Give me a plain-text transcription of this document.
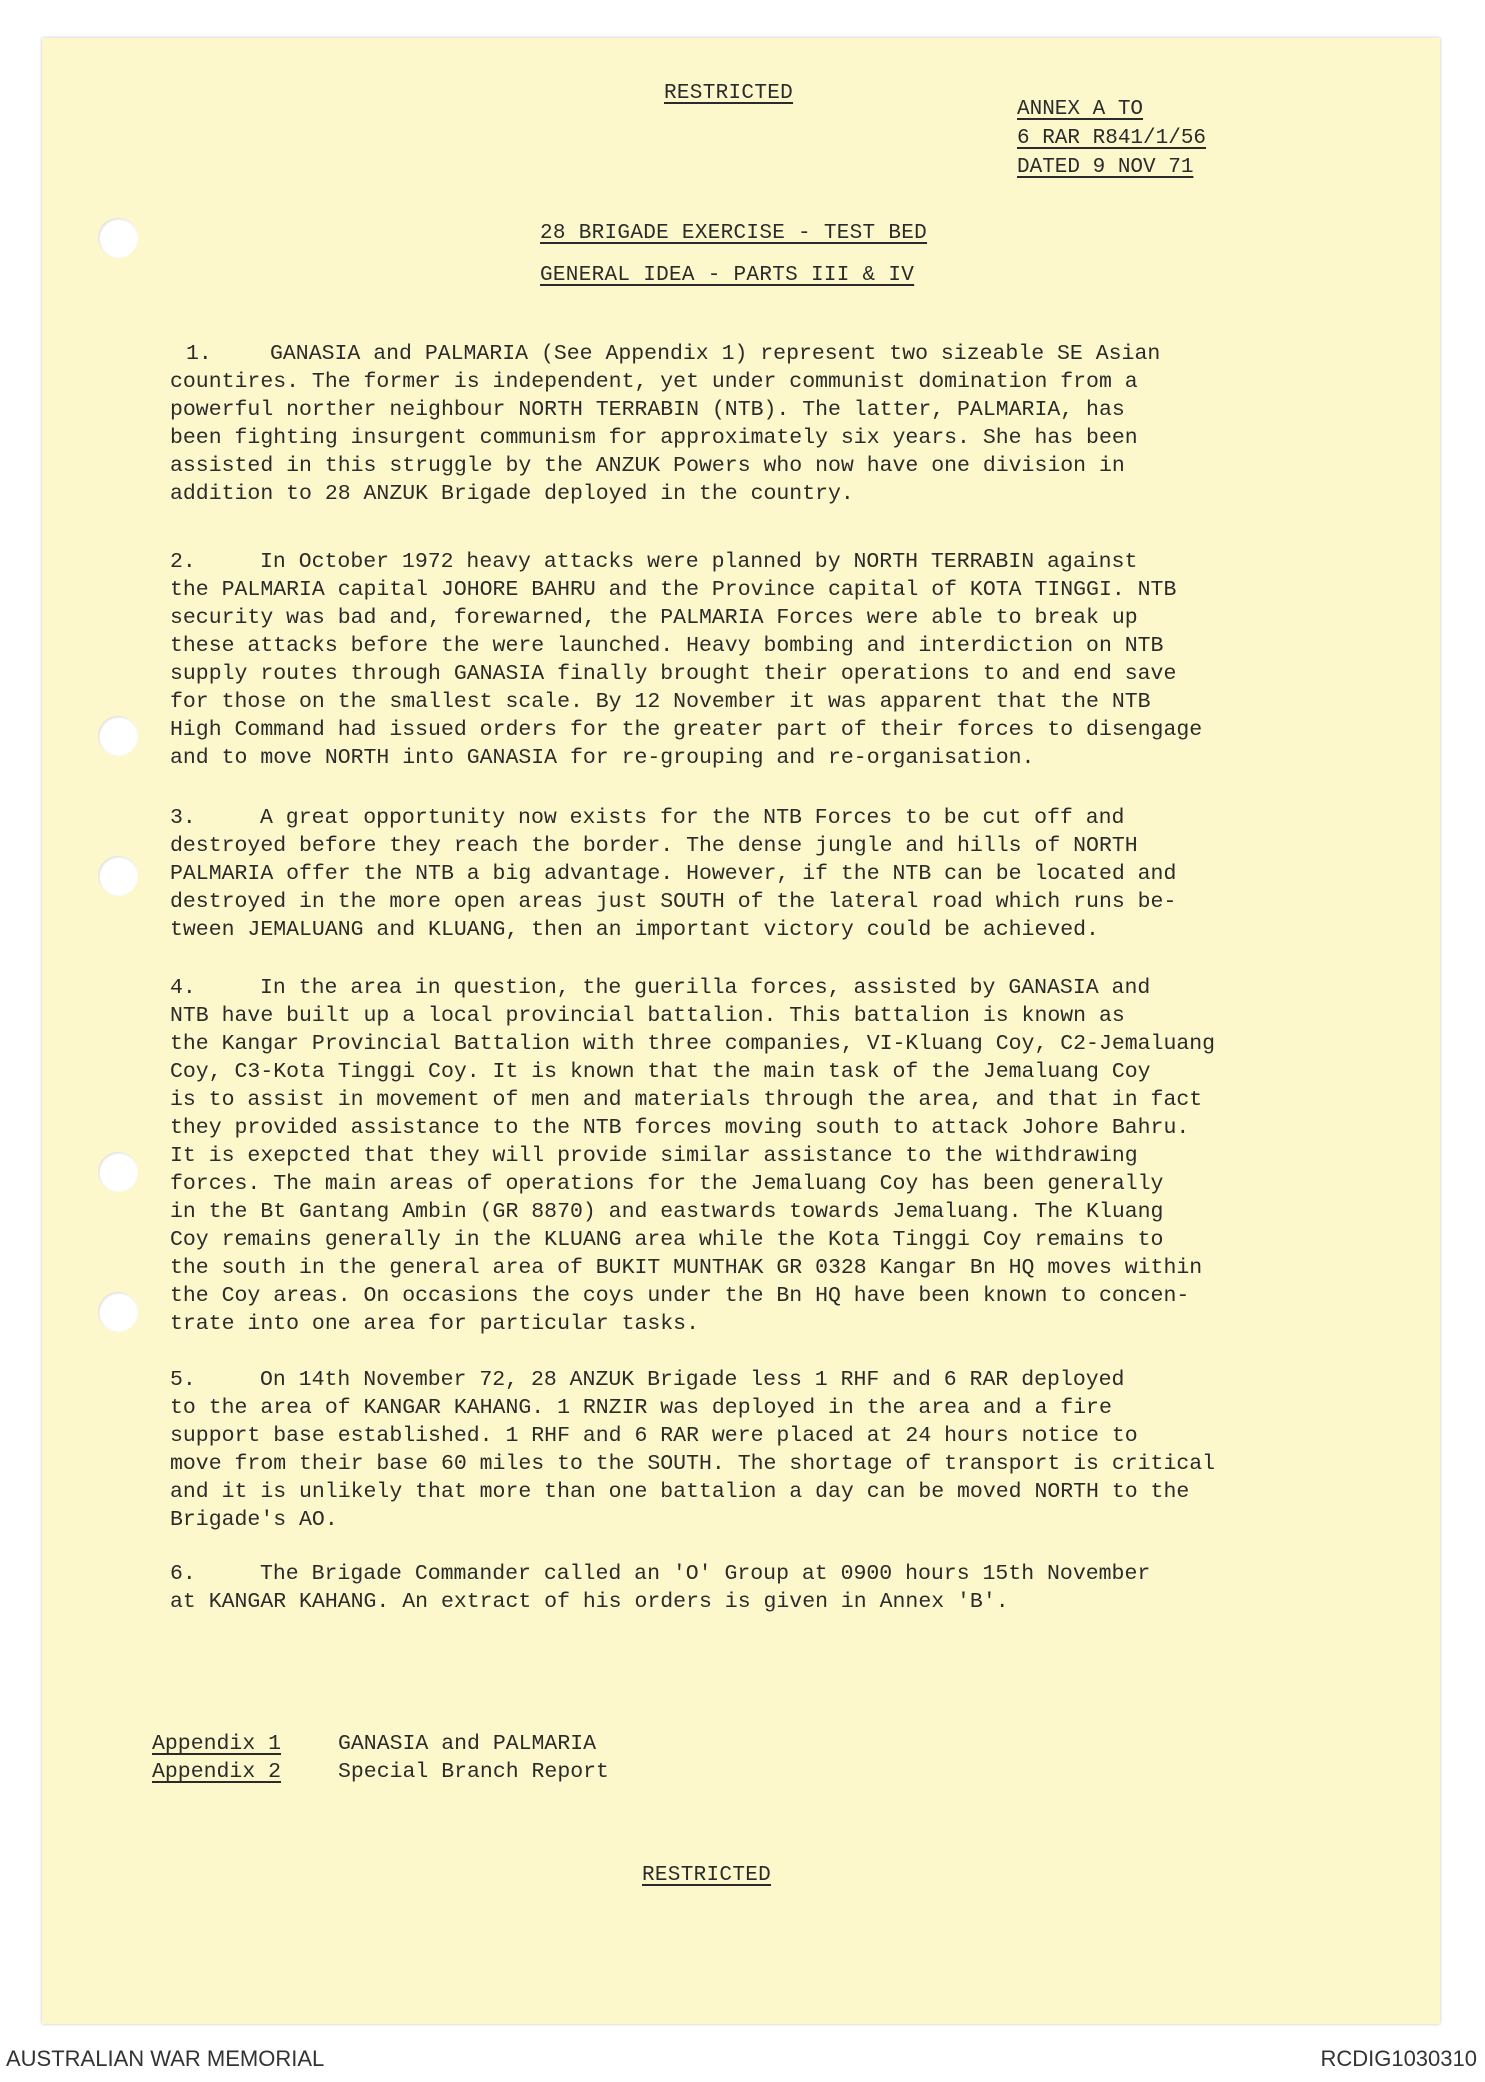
RESTRICTED
ANNEX A TO
6 RAR R841/1/56
DATED 9 NOV 71
28 BRIGADE EXERCISE - TEST BED
GENERAL IDEA - PARTS III & IV
1.	GANASIA and PALMARIA (See Appendix 1) represent two sizeable SE Asian
countires. The former is independent, yet under communist domination from a
powerful norther neighbour NORTH TERRABIN (NTB). The latter, PALMARIA, has
been fighting insurgent communism for approximately six years. She has been
assisted in this struggle by the ANZUK Powers who now have one division in
addition to 28 ANZUK Brigade deployed in the country.
2.	In October 1972 heavy attacks were planned by NORTH TERRABIN against
the PALMARIA capital JOHORE BAHRU and the Province capital of KOTA TINGGI. NTB
security was bad and, forewarned, the PALMARIA Forces were able to break up
these attacks before the were launched. Heavy bombing and interdiction on NTB
supply routes through GANASIA finally brought their operations to and end save
for those on the smallest scale. By 12 November it was apparent that the NTB
High Command had issued orders for the greater part of their forces to disengage
and to move NORTH into GANASIA for re-grouping and re-organisation.
3.	A great opportunity now exists for the NTB Forces to be cut off and
destroyed before they reach the border. The dense jungle and hills of NORTH
PALMARIA offer the NTB a big advantage. However, if the NTB can be located and
destroyed in the more open areas just SOUTH of the lateral road which runs be-
tween JEMALUANG and KLUANG, then an important victory could be achieved.
4.	In the area in question, the guerilla forces, assisted by GANASIA and
NTB have built up a local provincial battalion. This battalion is known as
the Kangar Provincial Battalion with three companies, VI-Kluang Coy, C2-Jemaluang
Coy, C3-Kota Tinggi Coy. It is known that the main task of the Jemaluang Coy
is to assist in movement of men and materials through the area, and that in fact
they provided assistance to the NTB forces moving south to attack Johore Bahru.
It is exepcted that they will provide similar assistance to the withdrawing
forces. The main areas of operations for the Jemaluang Coy has been generally
in the Bt Gantang Ambin (GR 8870) and eastwards towards Jemaluang. The Kluang
Coy remains generally in the KLUANG area while the Kota Tinggi Coy remains to
the south in the general area of BUKIT MUNTHAK GR 0328 Kangar Bn HQ moves within
the Coy areas. On occasions the coys under the Bn HQ have been known to concen-
trate into one area for particular tasks.
5.	On 14th November 72, 28 ANZUK Brigade less 1 RHF and 6 RAR deployed
to the area of KANGAR KAHANG. 1 RNZIR was deployed in the area and a fire
support base established. 1 RHF and 6 RAR were placed at 24 hours notice to
move from their base 60 miles to the SOUTH. The shortage of transport is critical
and it is unlikely that more than one battalion a day can be moved NORTH to the
Brigade's AO.
6.	The Brigade Commander called an 'O' Group at 0900 hours 15th November
at KANGAR KAHANG. An extract of his orders is given in Annex 'B'.
Appendix 1	GANASIA and PALMARIA
Appendix 2	Special Branch Report
RESTRICTED
AUSTRALIAN WAR MEMORIAL	RCDIG1030310
